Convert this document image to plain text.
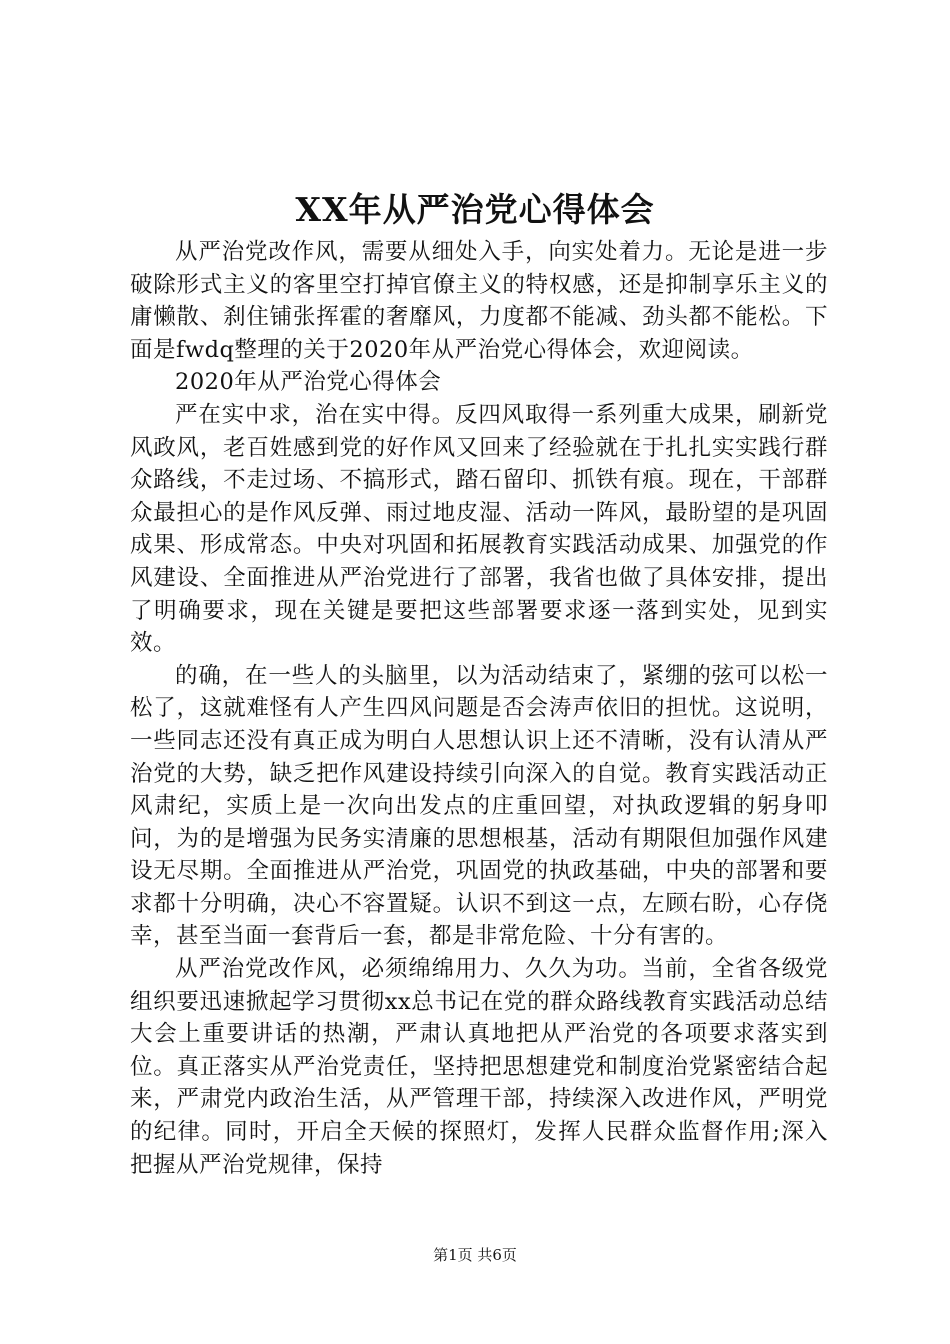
XX年从严治党心得体会

从严治党改作风，需要从细处入手，向实处着力。无论是进一步破除形式主义的客里空打掉官僚主义的特权感，还是抑制享乐主义的庸懒散、刹住铺张挥霍的奢靡风，力度都不能减、劲头都不能松。下面是fwdq整理的关于2020年从严治党心得体会，欢迎阅读。

2020年从严治党心得体会

严在实中求，治在实中得。反四风取得一系列重大成果，刷新党风政风，老百姓感到党的好作风又回来了经验就在于扎扎实实践行群众路线，不走过场、不搞形式，踏石留印、抓铁有痕。现在，干部群众最担心的是作风反弹、雨过地皮湿、活动一阵风，最盼望的是巩固成果、形成常态。中央对巩固和拓展教育实践活动成果、加强党的作风建设、全面推进从严治党进行了部署，我省也做了具体安排，提出了明确要求，现在关键是要把这些部署要求逐一落到实处，见到实效。

的确，在一些人的头脑里，以为活动结束了，紧绷的弦可以松一松了，这就难怪有人产生四风问题是否会涛声依旧的担忧。这说明，一些同志还没有真正成为明白人思想认识上还不清晰，没有认清从严治党的大势，缺乏把作风建设持续引向深入的自觉。教育实践活动正风肃纪，实质上是一次向出发点的庄重回望，对执政逻辑的躬身叩问，为的是增强为民务实清廉的思想根基，活动有期限但加强作风建设无尽期。全面推进从严治党，巩固党的执政基础，中央的部署和要求都十分明确，决心不容置疑。认识不到这一点，左顾右盼，心存侥幸，甚至当面一套背后一套，都是非常危险、十分有害的。

从严治党改作风，必须绵绵用力、久久为功。当前，全省各级党组织要迅速掀起学习贯彻xx总书记在党的群众路线教育实践活动总结大会上重要讲话的热潮，严肃认真地把从严治党的各项要求落实到位。真正落实从严治党责任，坚持把思想建党和制度治党紧密结合起来，严肃党内政治生活，从严管理干部，持续深入改进作风，严明党的纪律。同时，开启全天候的探照灯，发挥人民群众监督作用;深入把握从严治党规律，保持

第1页 共6页
